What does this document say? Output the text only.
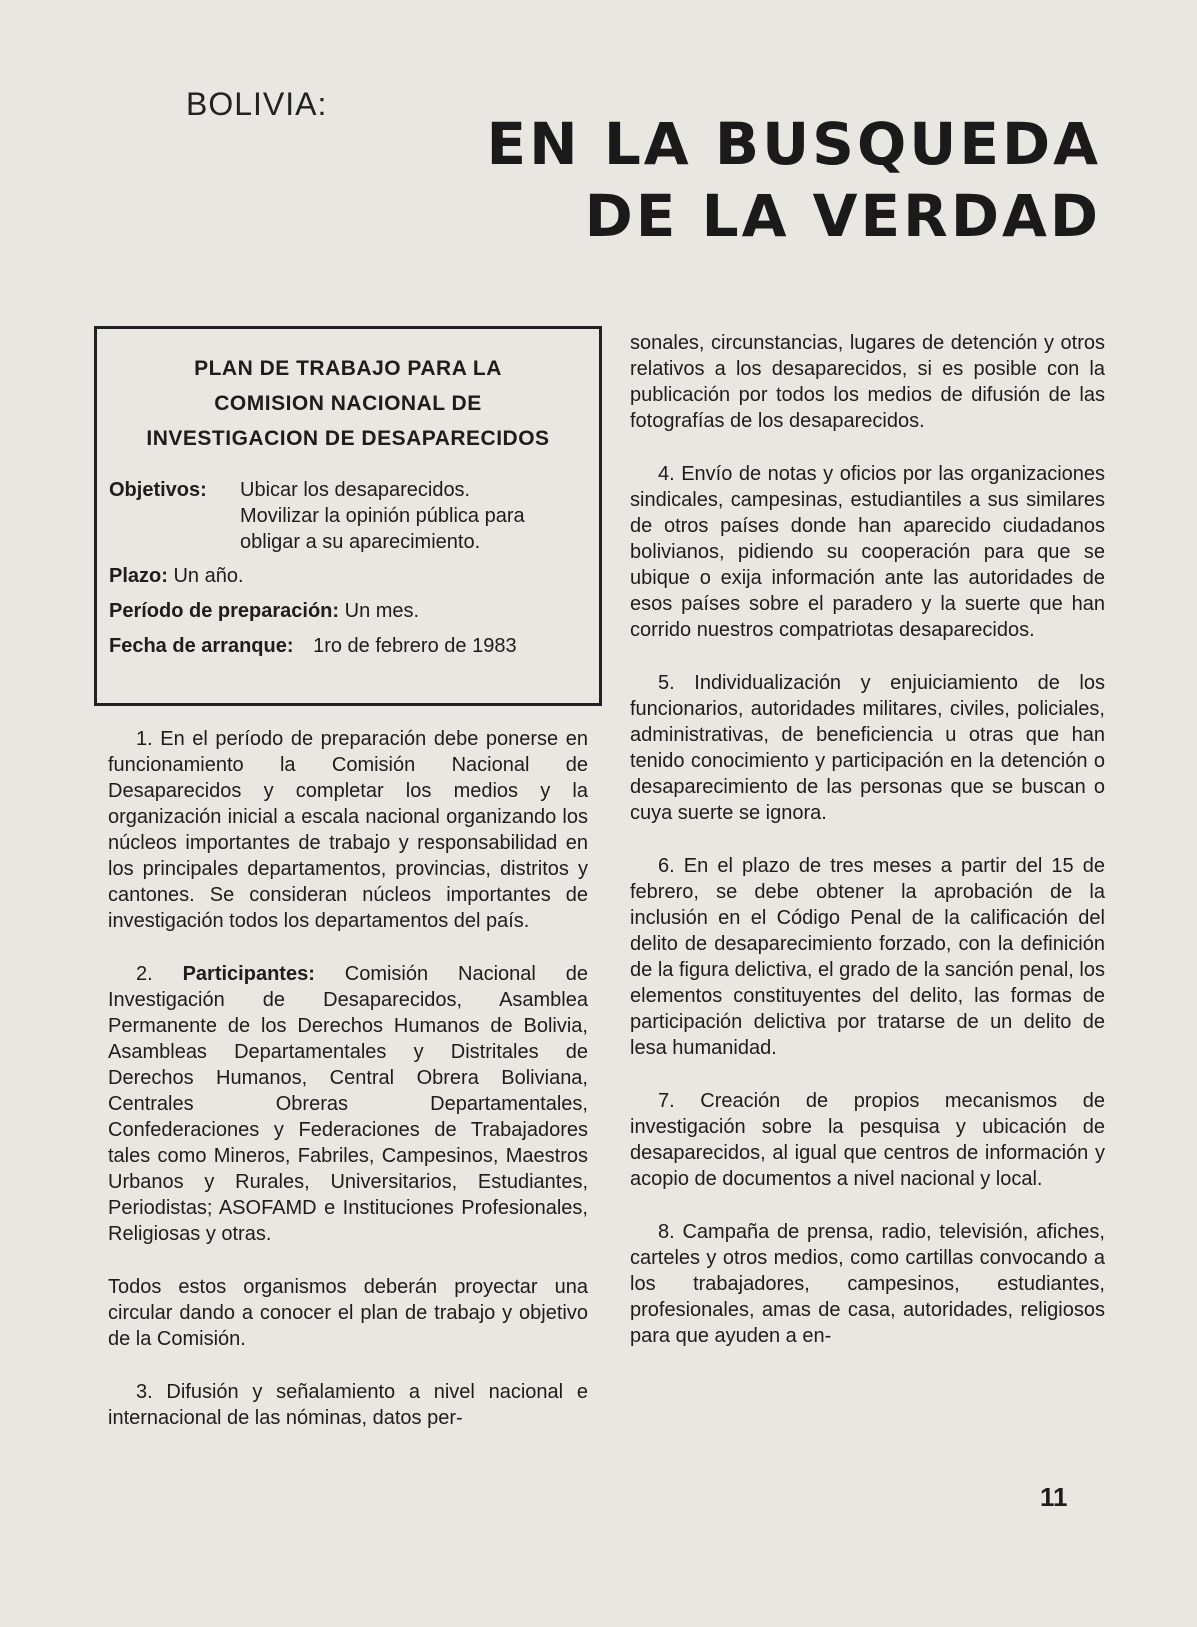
BOLIVIA:
EN LA BUSQUEDA
DE LA VERDAD
PLAN DE TRABAJO PARA LA
COMISION NACIONAL DE
INVESTIGACION DE DESAPARECIDOS
Objetivos:	Ubicar los desaparecidos.
Movilizar la opinión pública para
obligar a su aparecimiento.
Plazo: Un año.
Período de preparación: Un mes.
Fecha de arranque: 1ro de febrero de 1983

1. En el período de preparación debe ponerse en funcionamiento la Comisión Nacional de Desaparecidos y completar los medios y la organización inicial a escala nacional organizando los núcleos importantes de trabajo y responsabilidad en los principales departamentos, provincias, distritos y cantones. Se consideran núcleos importantes de investigación todos los departamentos del país.

2. Participantes: Comisión Nacional de Investigación de Desaparecidos, Asamblea Permanente de los Derechos Humanos de Bolivia, Asambleas Departamentales y Distritales de Derechos Humanos, Central Obrera Boliviana, Centrales Obreras Departamentales, Confederaciones y Federaciones de Trabajadores tales como Mineros, Fabriles, Campesinos, Maestros Urbanos y Rurales, Universitarios, Estudiantes, Periodistas; ASOFAMD e Instituciones Profesionales, Religiosas y otras.

Todos estos organismos deberán proyectar una circular dando a conocer el plan de trabajo y objetivo de la Comisión.

3. Difusión y señalamiento a nivel nacional e internacional de las nóminas, datos per-

sonales, circunstancias, lugares de detención y otros relativos a los desaparecidos, si es posible con la publicación por todos los medios de difusión de las fotografías de los desaparecidos.

4. Envío de notas y oficios por las organizaciones sindicales, campesinas, estudiantiles a sus similares de otros países donde han aparecido ciudadanos bolivianos, pidiendo su cooperación para que se ubique o exija información ante las autoridades de esos países sobre el paradero y la suerte que han corrido nuestros compatriotas desaparecidos.

5. Individualización y enjuiciamiento de los funcionarios, autoridades militares, civiles, policiales, administrativas, de beneficiencia u otras que han tenido conocimiento y participación en la detención o desaparecimiento de las personas que se buscan o cuya suerte se ignora.

6. En el plazo de tres meses a partir del 15 de febrero, se debe obtener la aprobación de la inclusión en el Código Penal de la calificación del delito de desaparecimiento forzado, con la definición de la figura delictiva, el grado de la sanción penal, los elementos constituyentes del delito, las formas de participación delictiva por tratarse de un delito de lesa humanidad.

7. Creación de propios mecanismos de investigación sobre la pesquisa y ubicación de desaparecidos, al igual que centros de información y acopio de documentos a nivel nacional y local.

8. Campaña de prensa, radio, televisión, afiches, carteles y otros medios, como cartillas convocando a los trabajadores, campesinos, estudiantes, profesionales, amas de casa, autoridades, religiosos para que ayuden a en-

11
